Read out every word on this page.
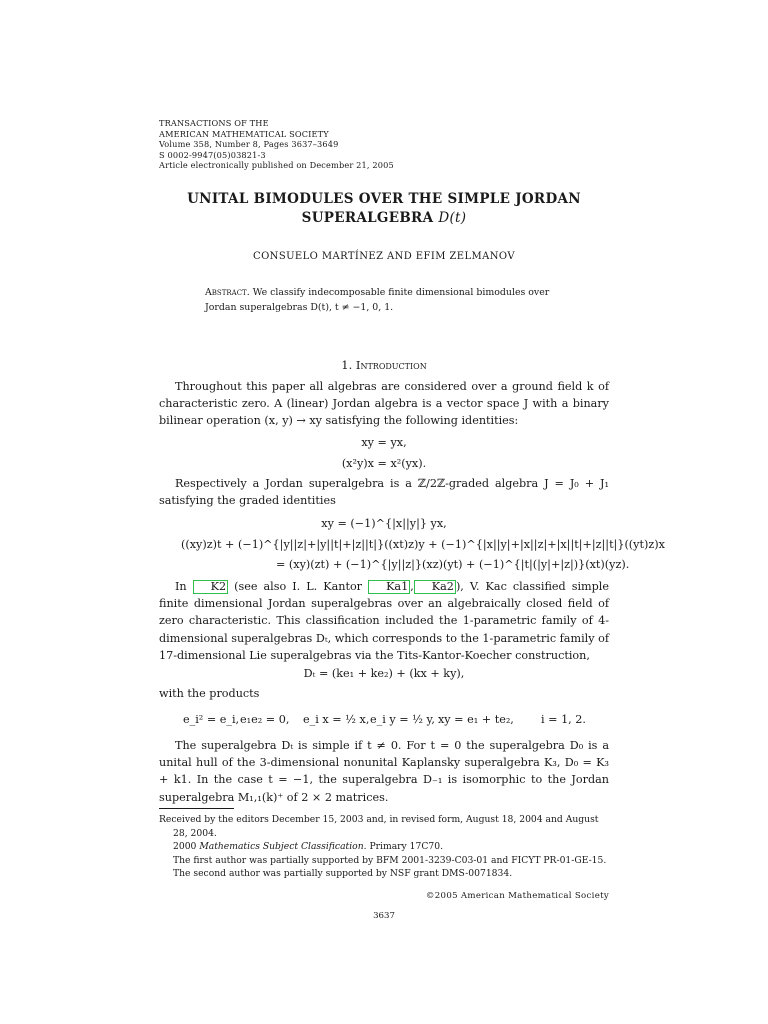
TRANSACTIONS OF THE
AMERICAN MATHEMATICAL SOCIETY
Volume 358, Number 8, Pages 3637–3649
S 0002-9947(05)03821-3
Article electronically published on December 21, 2005
UNITAL BIMODULES OVER THE SIMPLE JORDAN
SUPERALGEBRA D(t)
CONSUELO MARTÍNEZ AND EFIM ZELMANOV
Abstract. We classify indecomposable finite dimensional bimodules over Jordan superalgebras D(t), t ≠ −1, 0, 1.
1. Introduction
Throughout this paper all algebras are considered over a ground field k of characteristic zero. A (linear) Jordan algebra is a vector space J with a binary bilinear operation (x, y) → xy satisfying the following identities:
xy = yx,
(x²y)x = x²(yx).
Respectively a Jordan superalgebra is a ℤ/2ℤ-graded algebra J = J₀ + J₁ satisfying the graded identities
xy = (−1)^{|x||y|} yx,
((xy)z)t + (−1)^{|y||z|+|y||t|+|z||t|}((xt)z)y + (−1)^{|x||y|+|x||z|+|x||t|+|z||t|}((yt)z)x
= (xy)(zt) + (−1)^{|y||z|}(xz)(yt) + (−1)^{|t|(|y|+|z|)}(xt)(yz).
In K2 (see also I. L. Kantor Ka1 , Ka2 ), V. Kac classified simple finite dimensional Jordan superalgebras over an algebraically closed field of zero characteristic. This classification included the 1-parametric family of 4-dimensional superalgebras Dₜ, which corresponds to the 1-parametric family of 17-dimensional Lie superalgebras via the Tits-Kantor-Koecher construction,
Dₜ = (ke₁ + ke₂) + (kx + ky),
with the products
e_i² = e_i, e₁e₂ = 0, e_i x = ½ x, e_i y = ½ y, xy = e₁ + te₂, i = 1, 2.
The superalgebra Dₜ is simple if t ≠ 0. For t = 0 the superalgebra D₀ is a unital hull of the 3-dimensional nonunital Kaplansky superalgebra K₃, D₀ = K₃ + k1. In the case t = −1, the superalgebra D₋₁ is isomorphic to the Jordan superalgebra M₁,₁(k)⁺ of 2 × 2 matrices.

Received by the editors December 15, 2003 and, in revised form, August 18, 2004 and August 28, 2004.

2000 Mathematics Subject Classification. Primary 17C70.

The first author was partially supported by BFM 2001-3239-C03-01 and FICYT PR-01-GE-15.

The second author was partially supported by NSF grant DMS-0071834.

©2005 American Mathematical Society
3637
